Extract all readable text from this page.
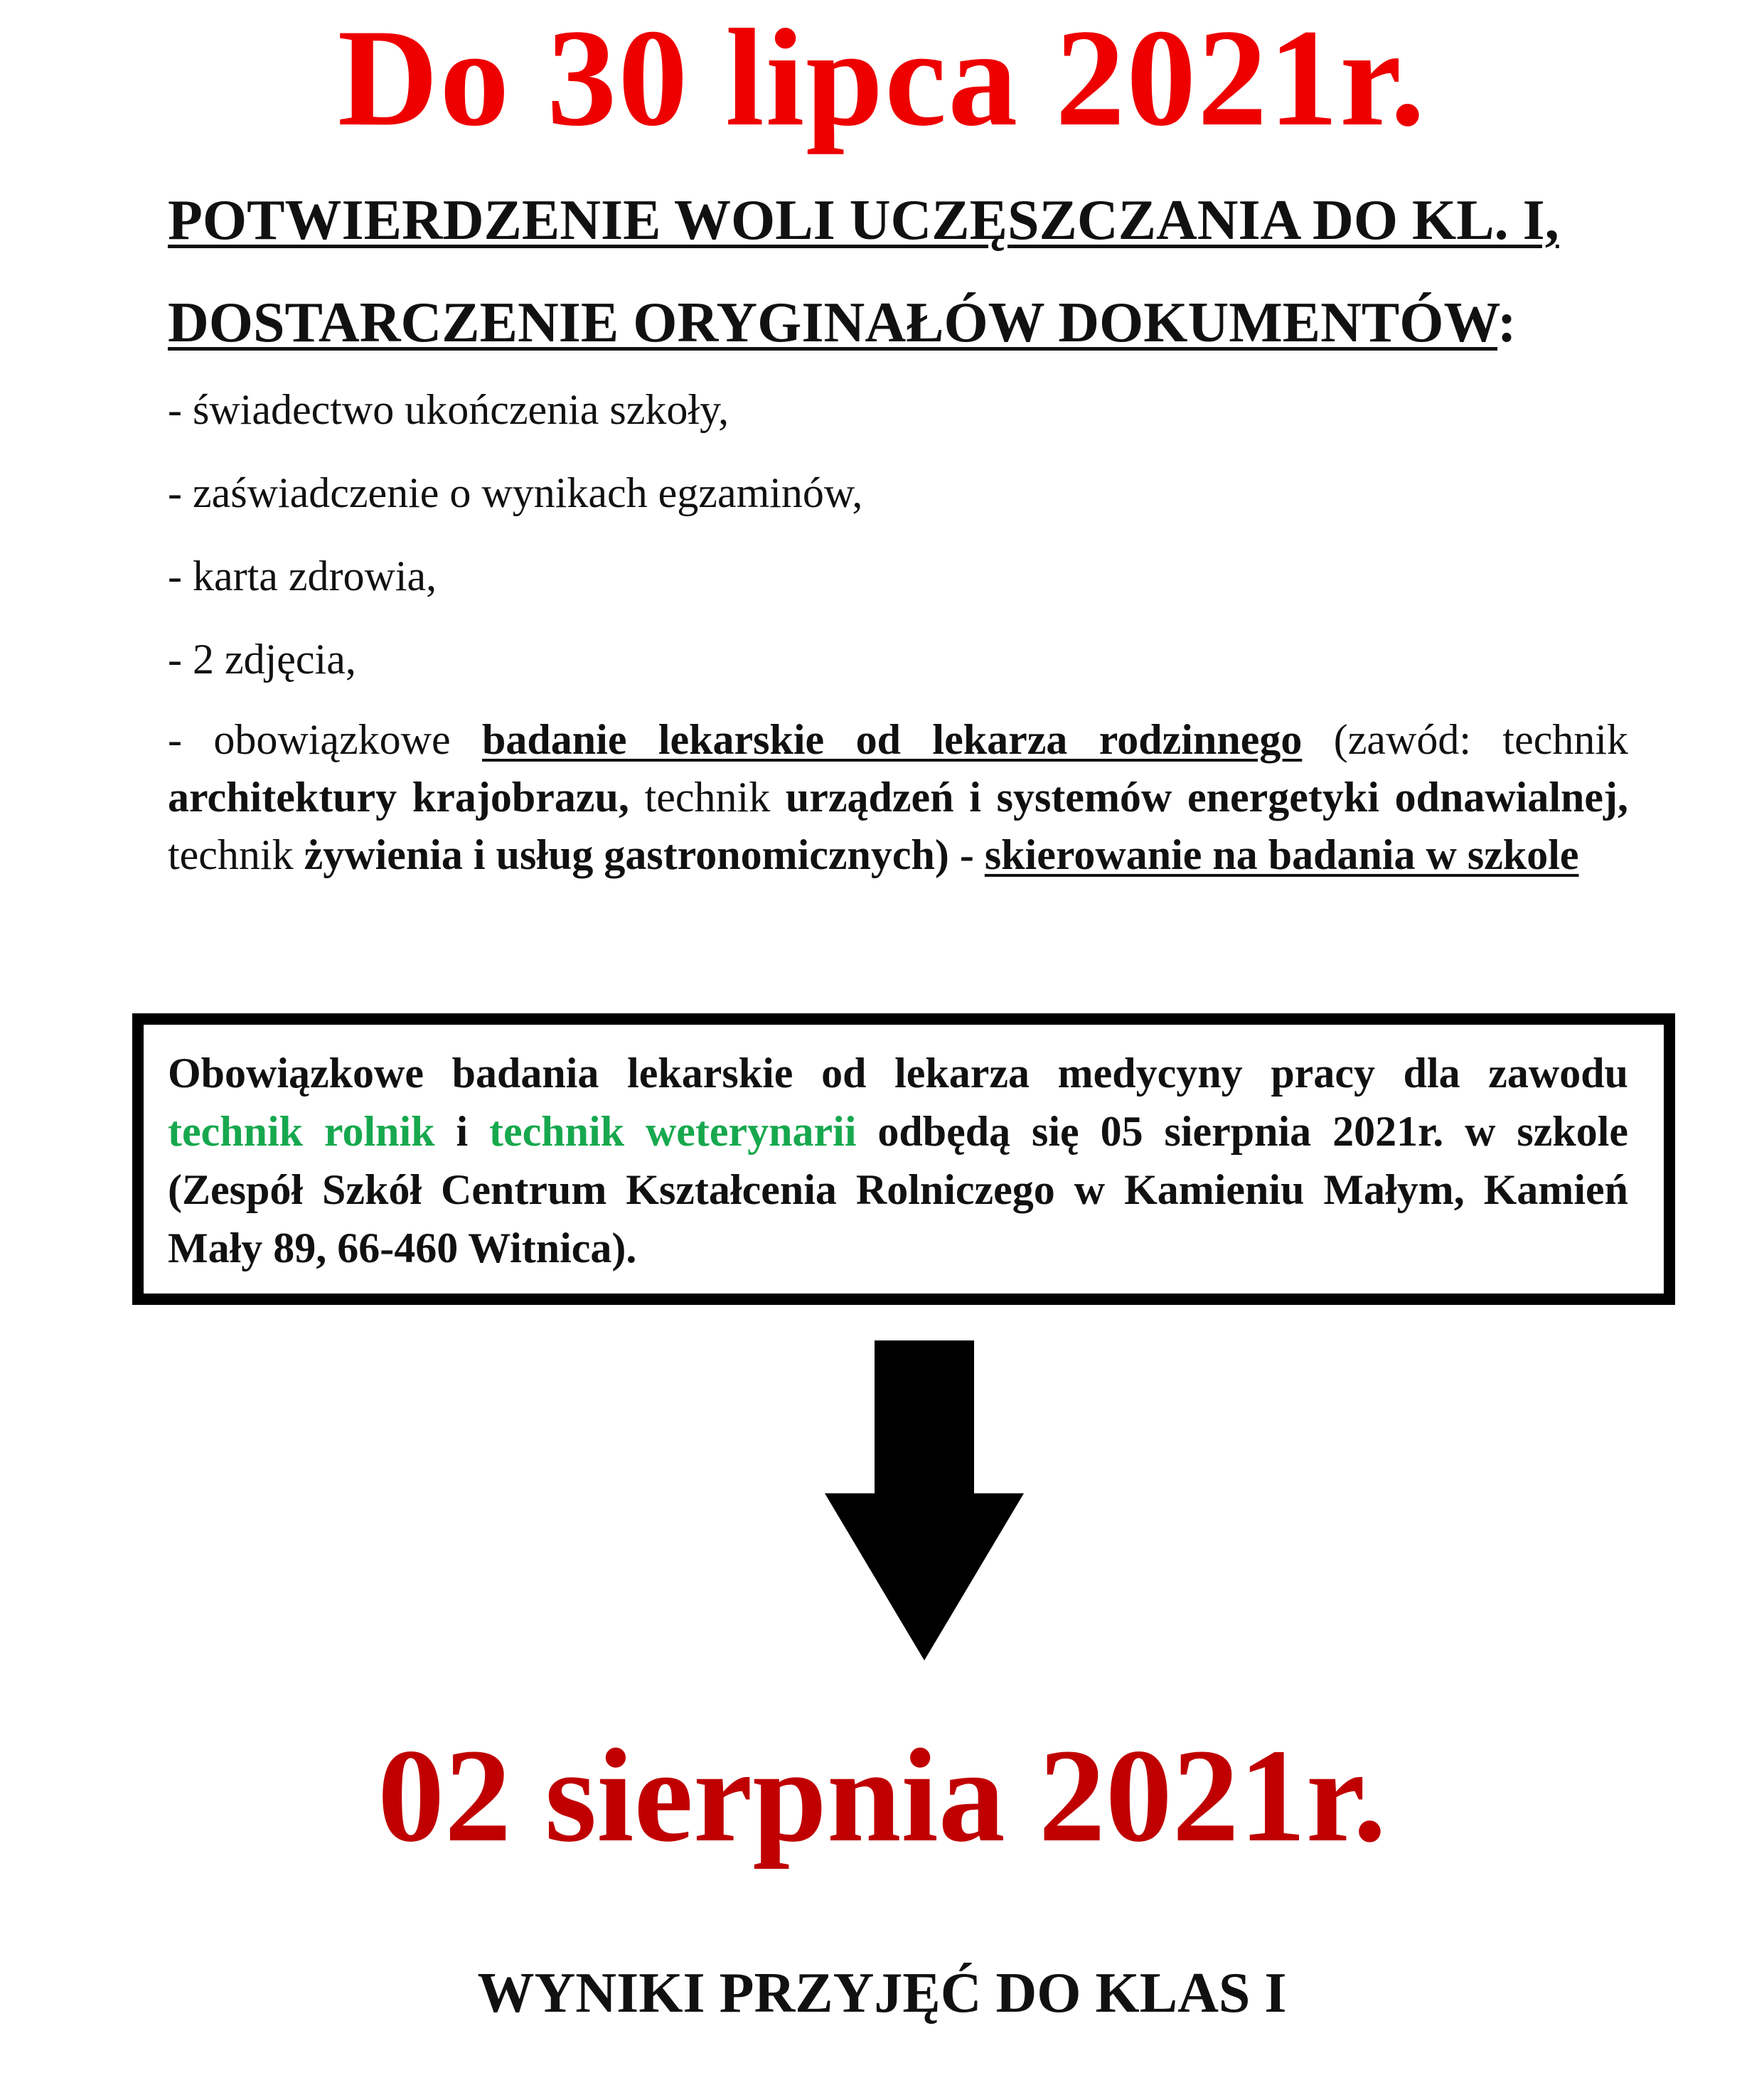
Do 30 lipca 2021r.
POTWIERDZENIE WOLI UCZĘSZCZANIA DO KL. I,
DOSTARCZENIE ORYGINAŁÓW DOKUMENTÓW:
- świadectwo ukończenia szkoły,
- zaświadczenie o wynikach egzaminów,
- karta zdrowia,
- 2 zdjęcia,
- obowiązkowe badanie lekarskie od lekarza rodzinnego (zawód: technik architektury krajobrazu, technik urządzeń i systemów energetyki odnawialnej, technik żywienia i usług gastronomicznych) - skierowanie na badania w szkole
Obowiązkowe badania lekarskie od lekarza medycyny pracy dla zawodu technik rolnik i technik weterynarii odbędą się 05 sierpnia 2021r. w szkole (Zespół Szkół Centrum Kształcenia Rolniczego w Kamieniu Małym, Kamień Mały 89, 66-460 Witnica).
02 sierpnia 2021r.
WYNIKI PRZYJĘĆ DO KLAS I
